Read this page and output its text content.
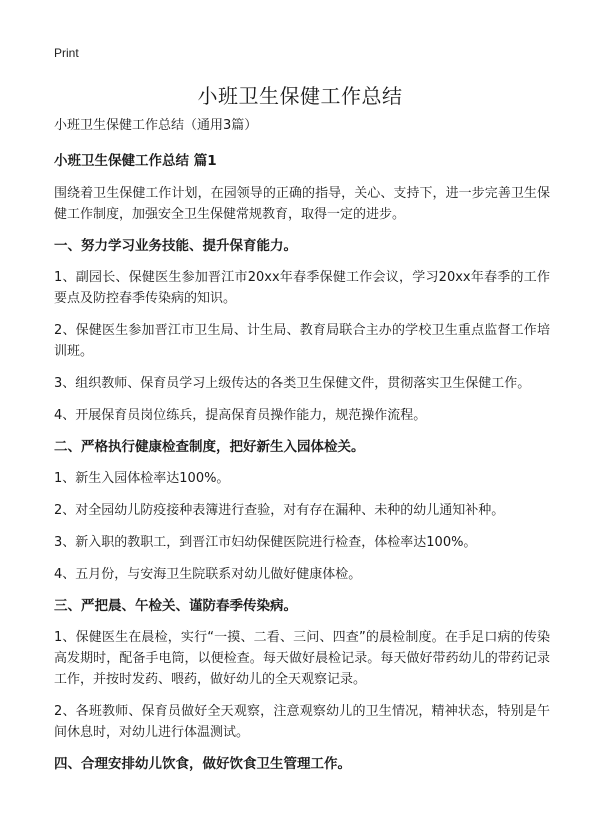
Print
小班卫生保健工作总结

小班卫生保健工作总结（通用3篇）

小班卫生保健工作总结 篇1

围绕着卫生保健工作计划，在园领导的正确的指导，关心、支持下，进一步完善卫生保健工作制度，加强安全卫生保健常规教育，取得一定的进步。

一、努力学习业务技能、提升保育能力。

1、副园长、保健医生参加晋江市20xx年春季保健工作会议，学习20xx年春季的工作要点及防控春季传染病的知识。

2、保健医生参加晋江市卫生局、计生局、教育局联合主办的学校卫生重点监督工作培训班。

3、组织教师、保育员学习上级传达的各类卫生保健文件，贯彻落实卫生保健工作。

4、开展保育员岗位练兵，提高保育员操作能力，规范操作流程。

二、严格执行健康检查制度，把好新生入园体检关。

1、新生入园体检率达100%。

2、对全园幼儿防疫接种表簿进行查验，对有存在漏种、未种的幼儿通知补种。

3、新入职的教职工，到晋江市妇幼保健医院进行检查，体检率达100%。

4、五月份，与安海卫生院联系对幼儿做好健康体检。

三、严把晨、午检关、谨防春季传染病。

1、保健医生在晨检，实行“一摸、二看、三问、四查”的晨检制度。在手足口病的传染高发期时，配备手电筒，以便检查。每天做好晨检记录。每天做好带药幼儿的带药记录工作，并按时发药、喂药，做好幼儿的全天观察记录。

2、各班教师、保育员做好全天观察，注意观察幼儿的卫生情况，精神状态，特别是午间休息时，对幼儿进行体温测试。

四、合理安排幼儿饮食，做好饮食卫生管理工作。
